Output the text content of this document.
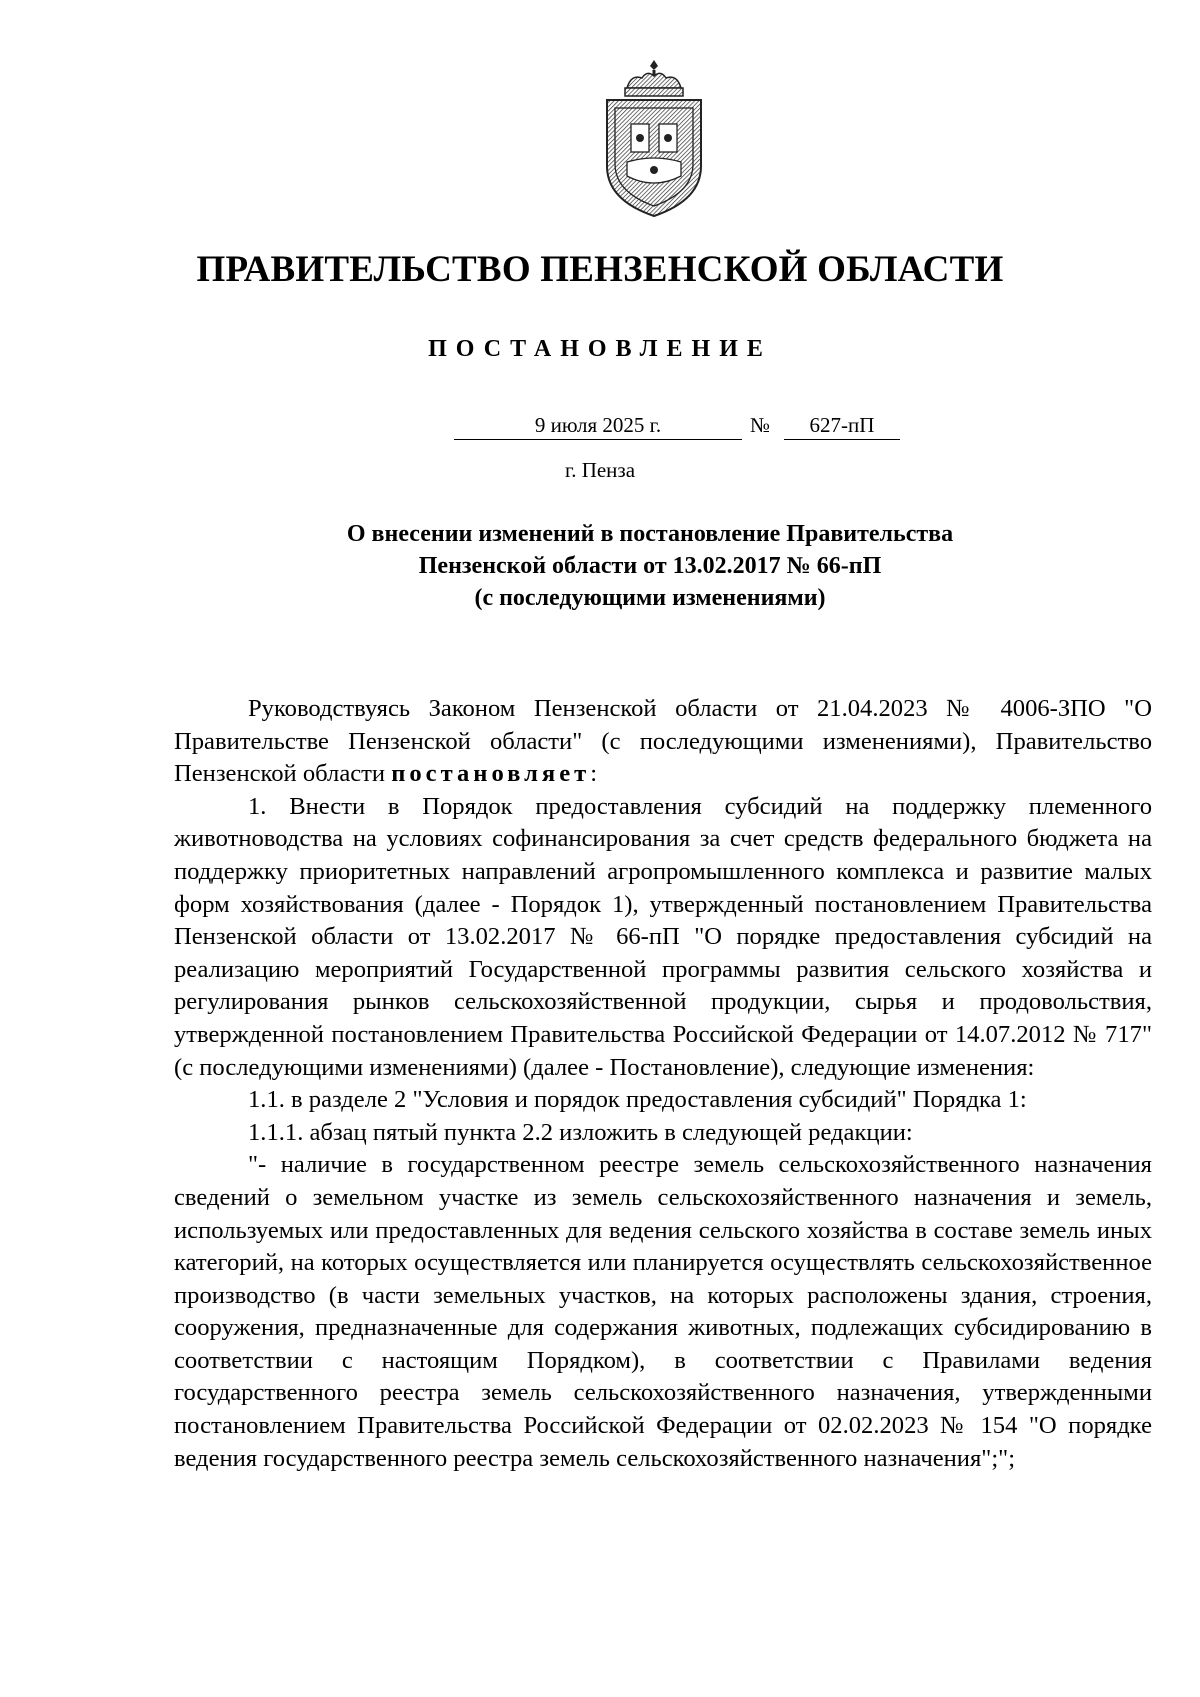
ПРАВИТЕЛЬСТВО ПЕНЗЕНСКОЙ ОБЛАСТИ
ПОСТАНОВЛЕНИЕ
9 июля 2025 г.	№	627-пП
г. Пенза
О внесении изменений в постановление Правительства
Пензенской области от 13.02.2017 № 66-пП
(с последующими изменениями)

Руководствуясь Законом Пензенской области от 21.04.2023 № 4006-ЗПО "О Правительстве Пензенской области" (с последующими изменениями), Правительство Пензенской области постановляет:

1. Внести в Порядок предоставления субсидий на поддержку племенного животноводства на условиях софинансирования за счет средств федерального бюджета на поддержку приоритетных направлений агропромышленного комплекса и развитие малых форм хозяйствования (далее - Порядок 1), утвержденный постановлением Правительства Пензенской области от 13.02.2017 № 66-пП "О порядке предоставления субсидий на реализацию мероприятий Государственной программы развития сельского хозяйства и регулирования рынков сельскохозяйственной продукции, сырья и продовольствия, утвержденной постановлением Правительства Российской Федерации от 14.07.2012 № 717" (с последующими изменениями) (далее - Постановление), следующие изменения:

1.1. в разделе 2 "Условия и порядок предоставления субсидий" Порядка 1:

1.1.1. абзац пятый пункта 2.2 изложить в следующей редакции:

"- наличие в государственном реестре земель сельскохозяйственного назначения сведений о земельном участке из земель сельскохозяйственного назначения и земель, используемых или предоставленных для ведения сельского хозяйства в составе земель иных категорий, на которых осуществляется или планируется осуществлять сельскохозяйственное производство (в части земельных участков, на которых расположены здания, строения, сооружения, предназначенные для содержания животных, подлежащих субсидированию в соответствии с настоящим Порядком), в соответствии с Правилами ведения государственного реестра земель сельскохозяйственного назначения, утвержденными постановлением Правительства Российской Федерации от 02.02.2023 № 154 "О порядке ведения государственного реестра земель сельскохозяйственного назначения";";
